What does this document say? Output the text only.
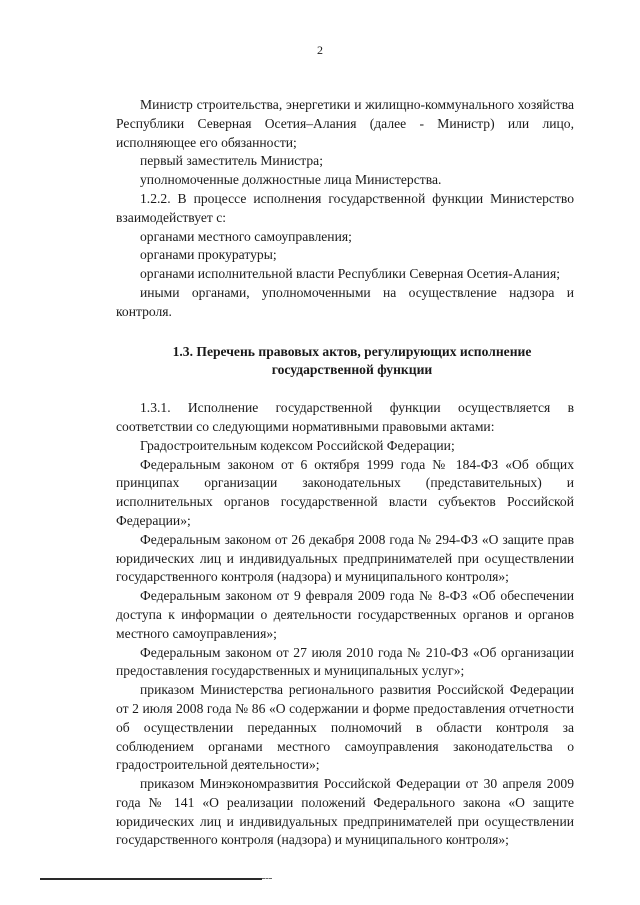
2

Министр строительства, энергетики и жилищно-коммунального хозяйства Республики Северная Осетия–Алания (далее - Министр) или лицо, исполняющее его обязанности;

первый заместитель Министра;

уполномоченные должностные лица Министерства.

1.2.2. В процессе исполнения государственной функции Министерство взаимодействует с:

органами местного самоуправления;

органами прокуратуры;

органами исполнительной власти Республики Северная Осетия-Алания;

иными органами, уполномоченными на осуществление надзора и контроля.

1.3. Перечень правовых актов, регулирующих исполнение государственной функции

1.3.1. Исполнение государственной функции осуществляется в соответствии со следующими нормативными правовыми актами:

Градостроительным кодексом Российской Федерации;

Федеральным законом от 6 октября 1999 года № 184-ФЗ «Об общих принципах организации законодательных (представительных) и исполнительных органов государственной власти субъектов Российской Федерации»;

Федеральным законом от 26 декабря 2008 года № 294-ФЗ «О защите прав юридических лиц и индивидуальных предпринимателей при осуществлении государственного контроля (надзора) и муниципального контроля»;

Федеральным законом от 9 февраля 2009 года № 8-ФЗ «Об обеспечении доступа к информации о деятельности государственных органов и органов местного самоуправления»;

Федеральным законом от 27 июля 2010 года № 210-ФЗ «Об организации предоставления государственных и муниципальных услуг»;

приказом Министерства регионального развития Российской Федерации от 2 июля 2008 года № 86 «О содержании и форме предоставления отчетности об осуществлении переданных полномочий в области контроля за соблюдением органами местного самоуправления законодательства о градостроительной деятельности»;

приказом Минэкономразвития Российской Федерации от 30 апреля 2009 года № 141 «О реализации положений Федерального закона «О защите юридических лиц и индивидуальных предпринимателей при осуществлении государственного контроля (надзора) и муниципального контроля»;
